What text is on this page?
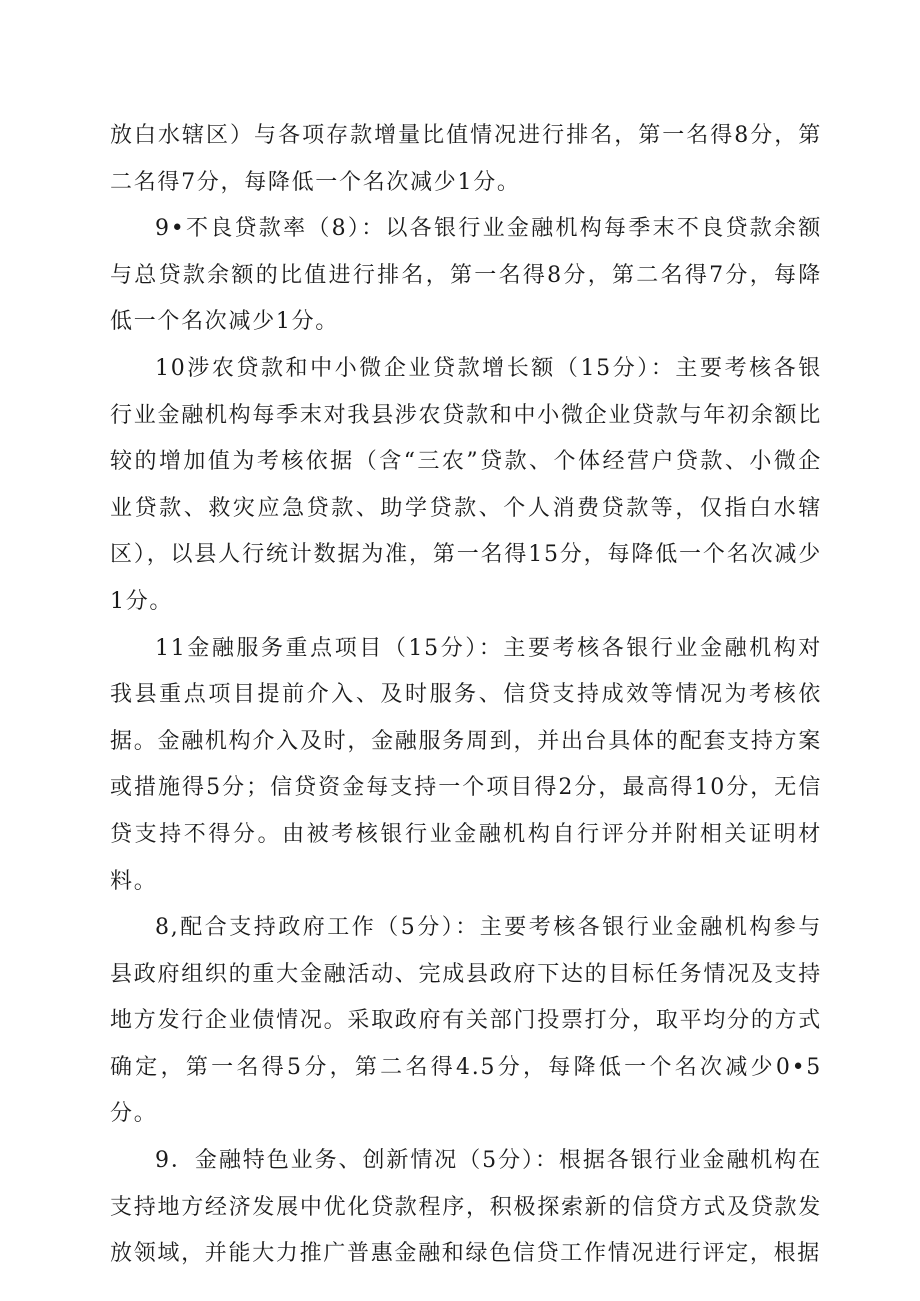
放白水辖区）与各项存款增量比值情况进行排名，第一名得8分，第二名得7分，每降低一个名次减少1分。

9•不良贷款率（8）：以各银行业金融机构每季末不良贷款余额与总贷款余额的比值进行排名，第一名得8分，第二名得7分，每降低一个名次减少1分。

10涉农贷款和中小微企业贷款增长额（15分）：主要考核各银行业金融机构每季末对我县涉农贷款和中小微企业贷款与年初余额比较的增加值为考核依据（含“三农”贷款、个体经营户贷款、小微企业贷款、救灾应急贷款、助学贷款、个人消费贷款等，仅指白水辖区），以县人行统计数据为准，第一名得15分，每降低一个名次减少1分。

11金融服务重点项目（15分）：主要考核各银行业金融机构对我县重点项目提前介入、及时服务、信贷支持成效等情况为考核依据。金融机构介入及时，金融服务周到，并出台具体的配套支持方案或措施得5分；信贷资金每支持一个项目得2分，最高得10分，无信贷支持不得分。由被考核银行业金融机构自行评分并附相关证明材料。

8,配合支持政府工作（5分）：主要考核各银行业金融机构参与县政府组织的重大金融活动、完成县政府下达的目标任务情况及支持地方发行企业债情况。采取政府有关部门投票打分，取平均分的方式确定，第一名得5分，第二名得4.5分，每降低一个名次减少0•5分。

9．金融特色业务、创新情况（5分）：根据各银行业金融机构在支持地方经济发展中优化贷款程序，积极探索新的信贷方式及贷款发放领域，并能大力推广普惠金融和绿色信贷工作情况进行评定，根据
